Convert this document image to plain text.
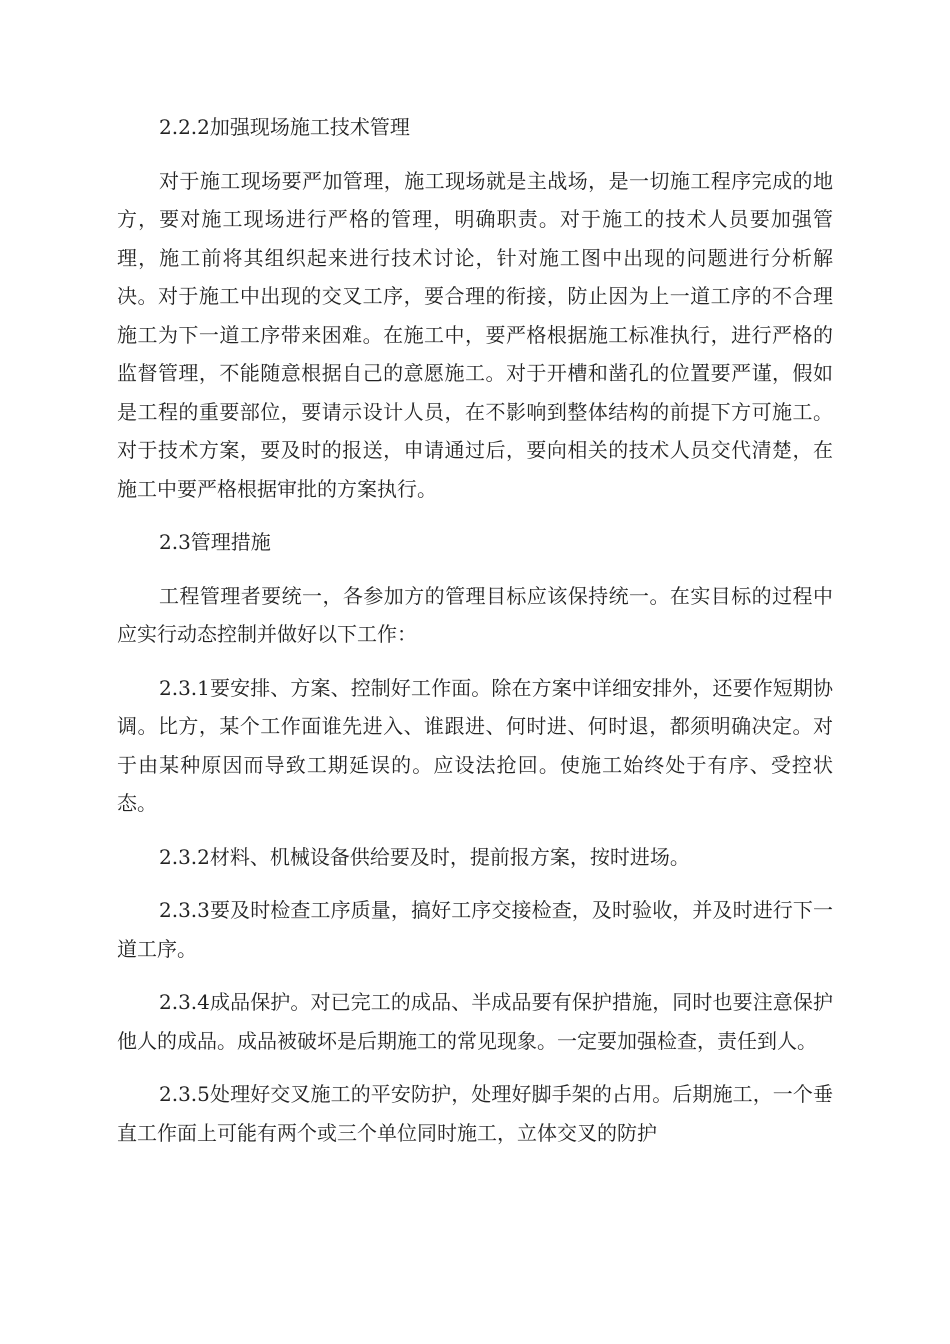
2.2.2加强现场施工技术管理

对于施工现场要严加管理，施工现场就是主战场，是一切施工程序完成的地方，要对施工现场进行严格的管理，明确职责。对于施工的技术人员要加强管理，施工前将其组织起来进行技术讨论，针对施工图中出现的问题进行分析解决。对于施工中出现的交叉工序，要合理的衔接，防止因为上一道工序的不合理施工为下一道工序带来困难。在施工中，要严格根据施工标准执行，进行严格的监督管理，不能随意根据自己的意愿施工。对于开槽和凿孔的位置要严谨，假如是工程的重要部位，要请示设计人员，在不影响到整体结构的前提下方可施工。对于技术方案，要及时的报送，申请通过后，要向相关的技术人员交代清楚，在施工中要严格根据审批的方案执行。

2.3管理措施

工程管理者要统一，各参加方的管理目标应该保持统一。在实目标的过程中应实行动态控制并做好以下工作：

2.3.1要安排、方案、控制好工作面。除在方案中详细安排外，还要作短期协调。比方，某个工作面谁先进入、谁跟进、何时进、何时退，都须明确决定。对于由某种原因而导致工期延误的。应设法抢回。使施工始终处于有序、受控状态。

2.3.2材料、机械设备供给要及时，提前报方案，按时进场。

2.3.3要及时检查工序质量，搞好工序交接检查，及时验收，并及时进行下一道工序。

2.3.4成品保护。对已完工的成品、半成品要有保护措施，同时也要注意保护他人的成品。成品被破坏是后期施工的常见现象。一定要加强检查，责任到人。

2.3.5处理好交叉施工的平安防护，处理好脚手架的占用。后期施工，一个垂直工作面上可能有两个或三个单位同时施工，立体交叉的防护
